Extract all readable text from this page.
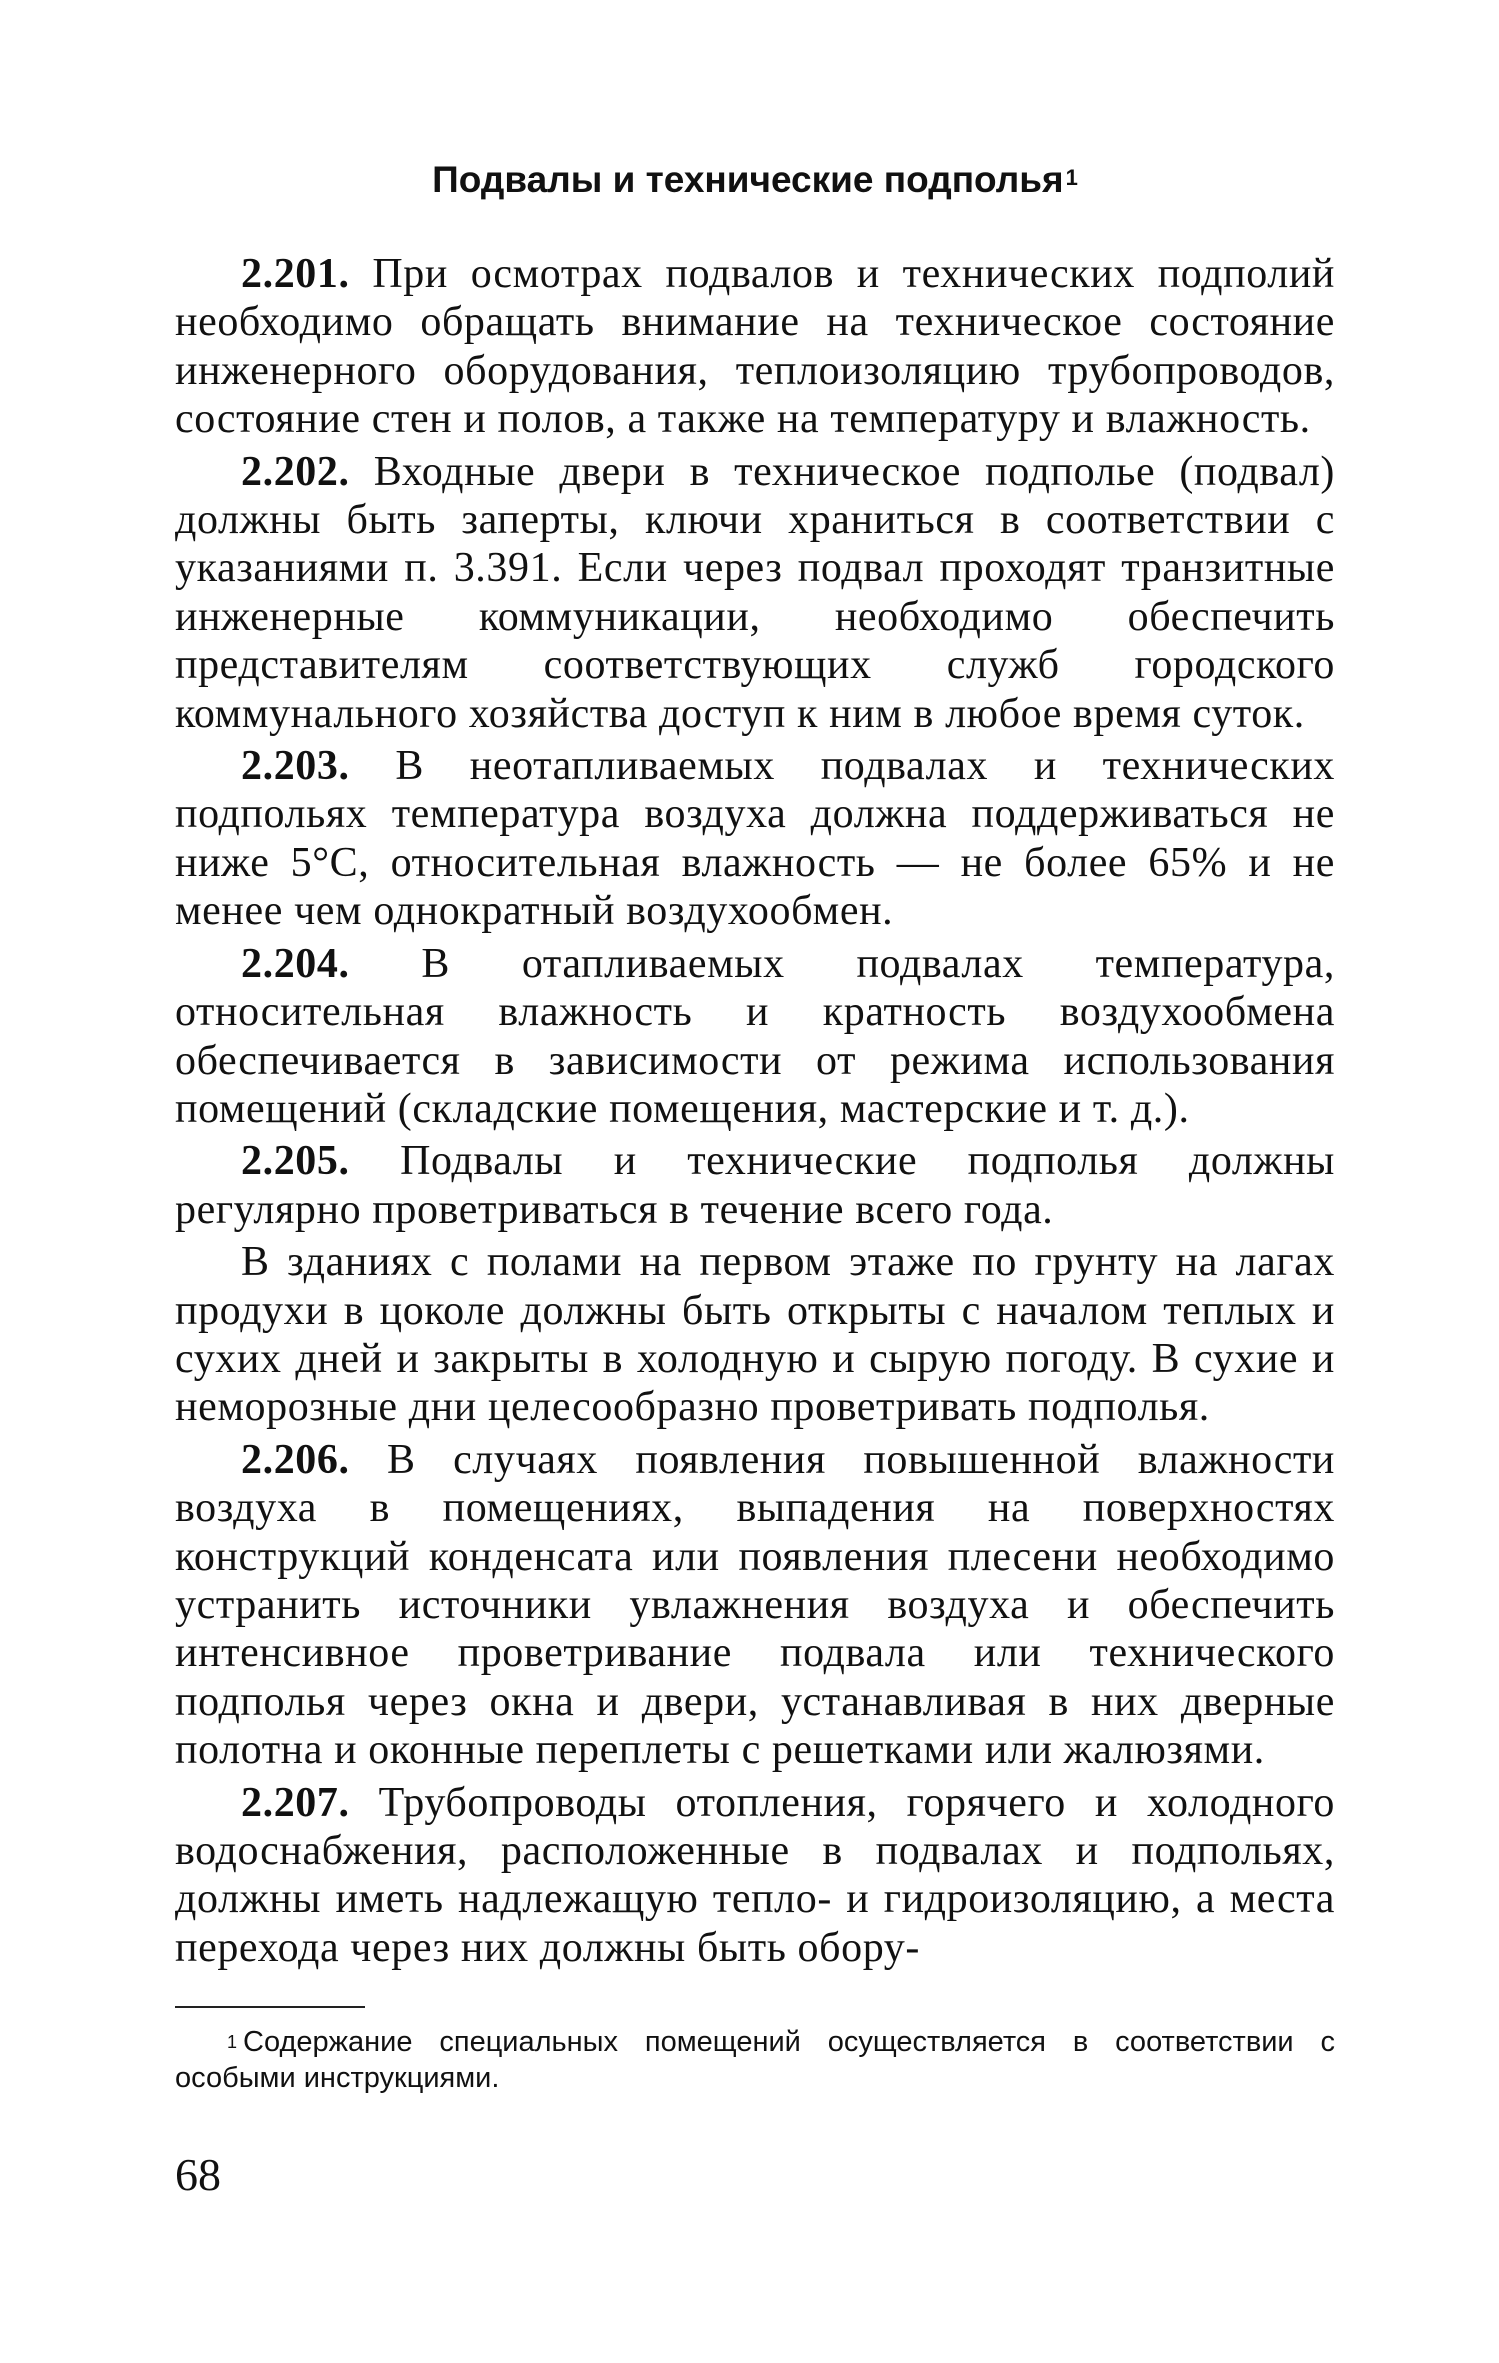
Подвалы и технические подполья$^1$

2.201. При осмотрах подвалов и технических подполий необходимо обращать внимание на техническое состояние инженерного оборудования, теплоизоляцию трубопроводов, состояние стен и полов, а также на температуру и влажность.

2.202. Входные двери в техническое подполье (подвал) должны быть заперты, ключи храниться в соответствии с указаниями п. 3.391. Если через подвал проходят транзитные инженерные коммуникации, необходимо обеспечить представителям соответствующих служб городского коммунального хозяйства доступ к ним в любое время суток.

2.203. В неотапливаемых подвалах и технических подпольях температура воздуха должна поддерживаться не ниже 5°С, относительная влажность — не более 65% и не менее чем однократный воздухообмен.

2.204. В отапливаемых подвалах температура, относительная влажность и кратность воздухообмена обеспечивается в зависимости от режима использования помещений (складские помещения, мастерские и т. д.).

2.205. Подвалы и технические подполья должны регулярно проветриваться в течение всего года.

В зданиях с полами на первом этаже по грунту на лагах продухи в цоколе должны быть открыты с началом теплых и сухих дней и закрыты в холодную и сырую погоду. В сухие и неморозные дни целесообразно проветривать подполья.

2.206. В случаях появления повышенной влажности воздуха в помещениях, выпадения на поверхностях конструкций конденсата или появления плесени необходимо устранить источники увлажнения воздуха и обеспечить интенсивное проветривание подвала или технического подполья через окна и двери, устанавливая в них дверные полотна и оконные переплеты с решетками или жалюзями.

2.207. Трубопроводы отопления, горячего и холодного водоснабжения, расположенные в подвалах и подпольях, должны иметь надлежащую тепло- и гидроизоляцию, а места перехода через них должны быть обору-

$^1$ Содержание специальных помещений осуществляется в соответствии с особыми инструкциями.

68
